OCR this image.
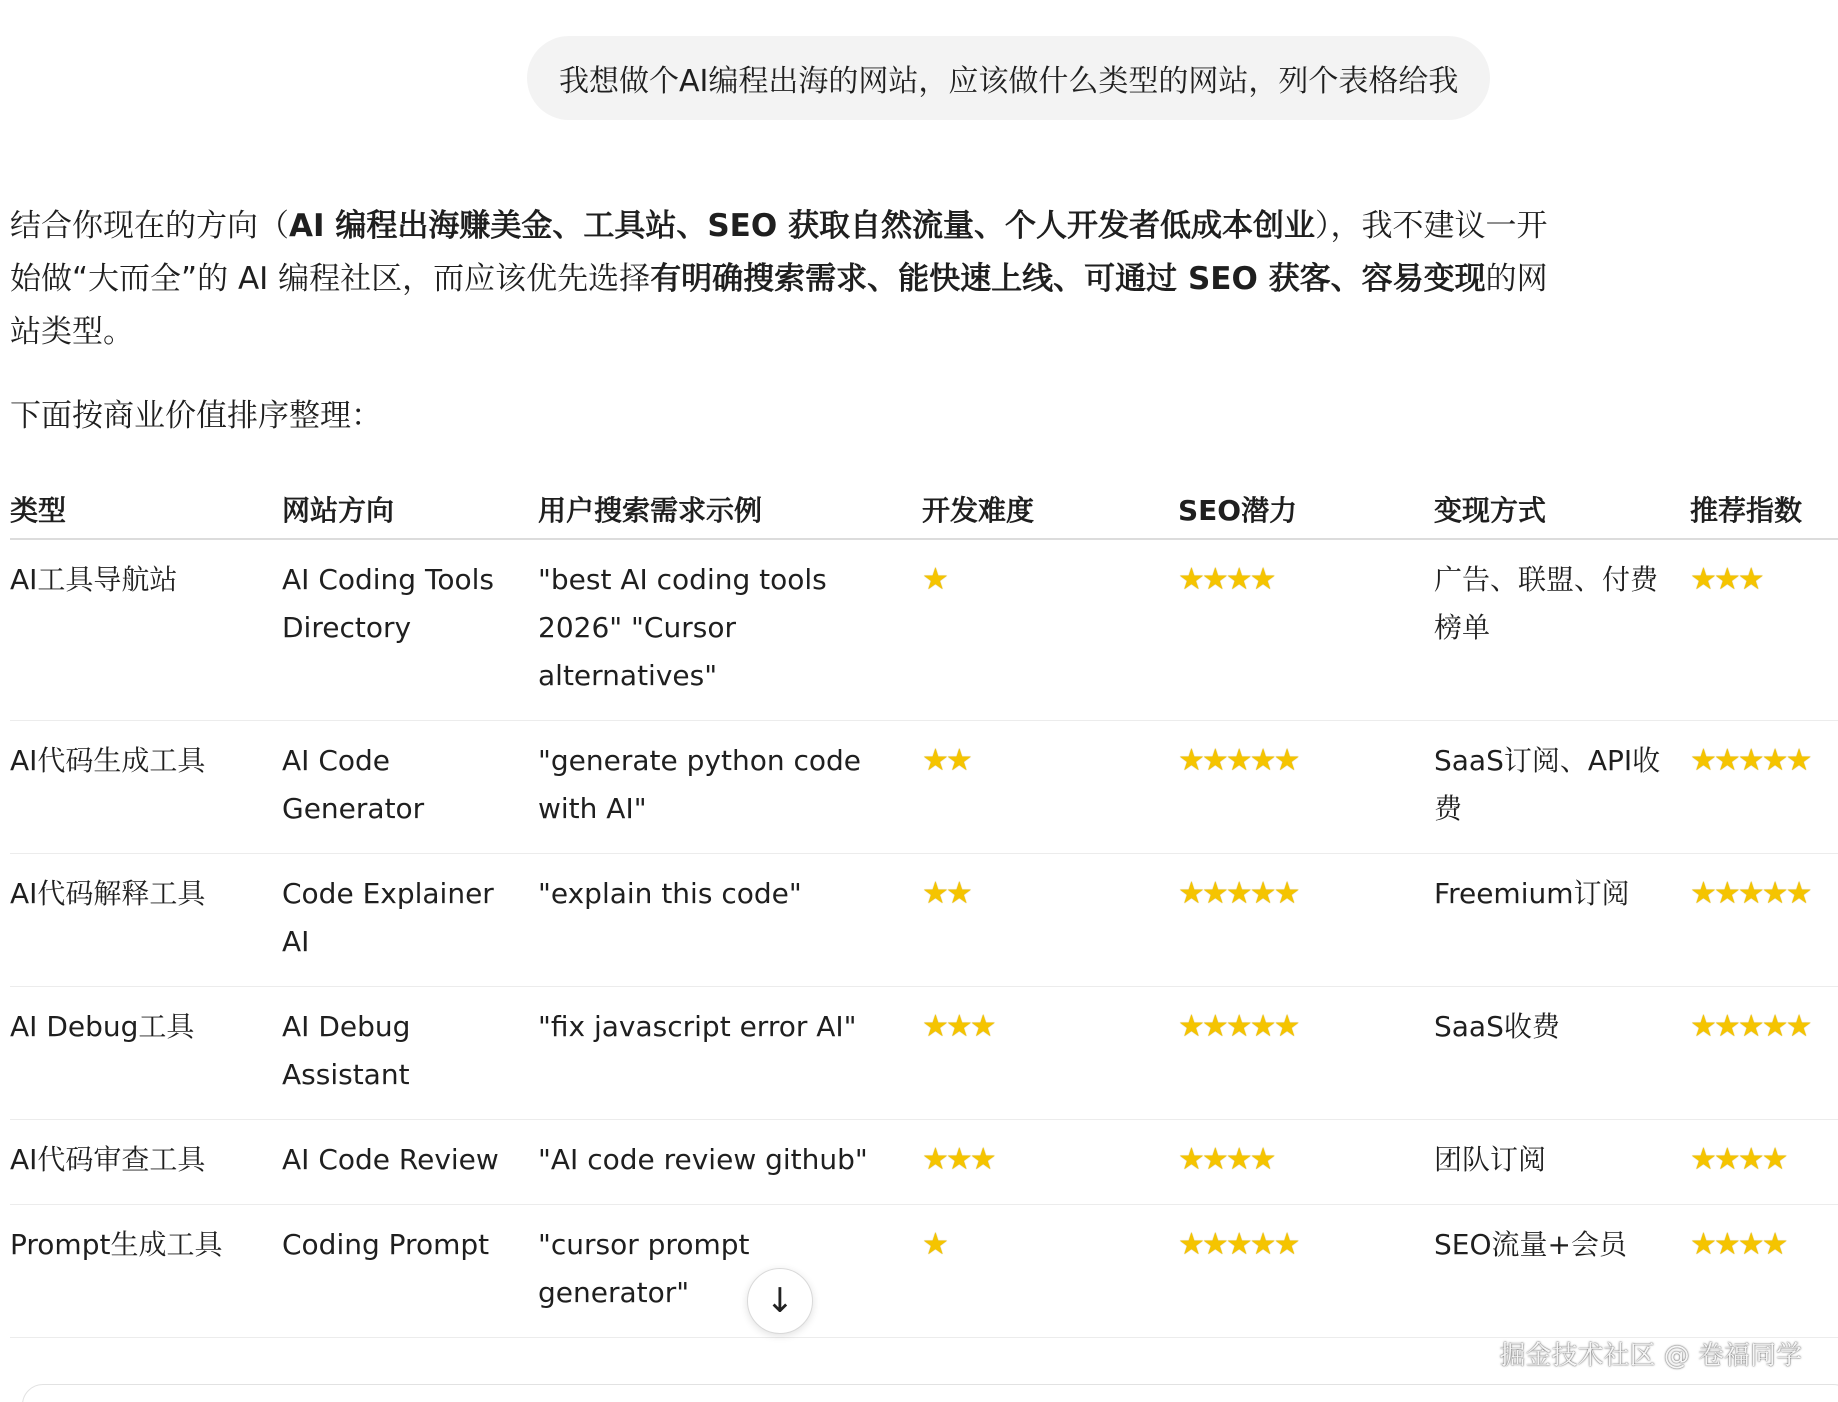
我想做个AI编程出海的网站，应该做什么类型的网站，列个表格给我
结合你现在的方向（AI 编程出海赚美金、工具站、SEO 获取自然流量、个人开发者低成本创业），我不建议一开始做“大而全”的 AI 编程社区，而应该优先选择有明确搜索需求、能快速上线、可通过 SEO 获客、容易变现的网站类型。
下面按商业价值排序整理：
类型	网站方向	用户搜索需求示例	开发难度	SEO潜力	变现方式	推荐指数
AI工具导航站	AI Coding Tools Directory	"best AI coding tools 2026" "Cursor alternatives"	★	★★★★	广告、联盟、付费榜单	★★★
AI代码生成工具	AI Code Generator	"generate python code with AI"	★★	★★★★★	SaaS订阅、API收费	★★★★★
AI代码解释工具	Code Explainer AI	"explain this code"	★★	★★★★★	Freemium订阅	★★★★★
AI Debug工具	AI Debug Assistant	"fix javascript error AI"	★★★	★★★★★	SaaS收费	★★★★★
AI代码审查工具	AI Code Review	"AI code review github"	★★★	★★★★	团队订阅	★★★★
Prompt生成工具	Coding Prompt	"cursor prompt generator"	★	★★★★★	SEO流量+会员	★★★★
↓
掘金技术社区 @ 卷福同学
